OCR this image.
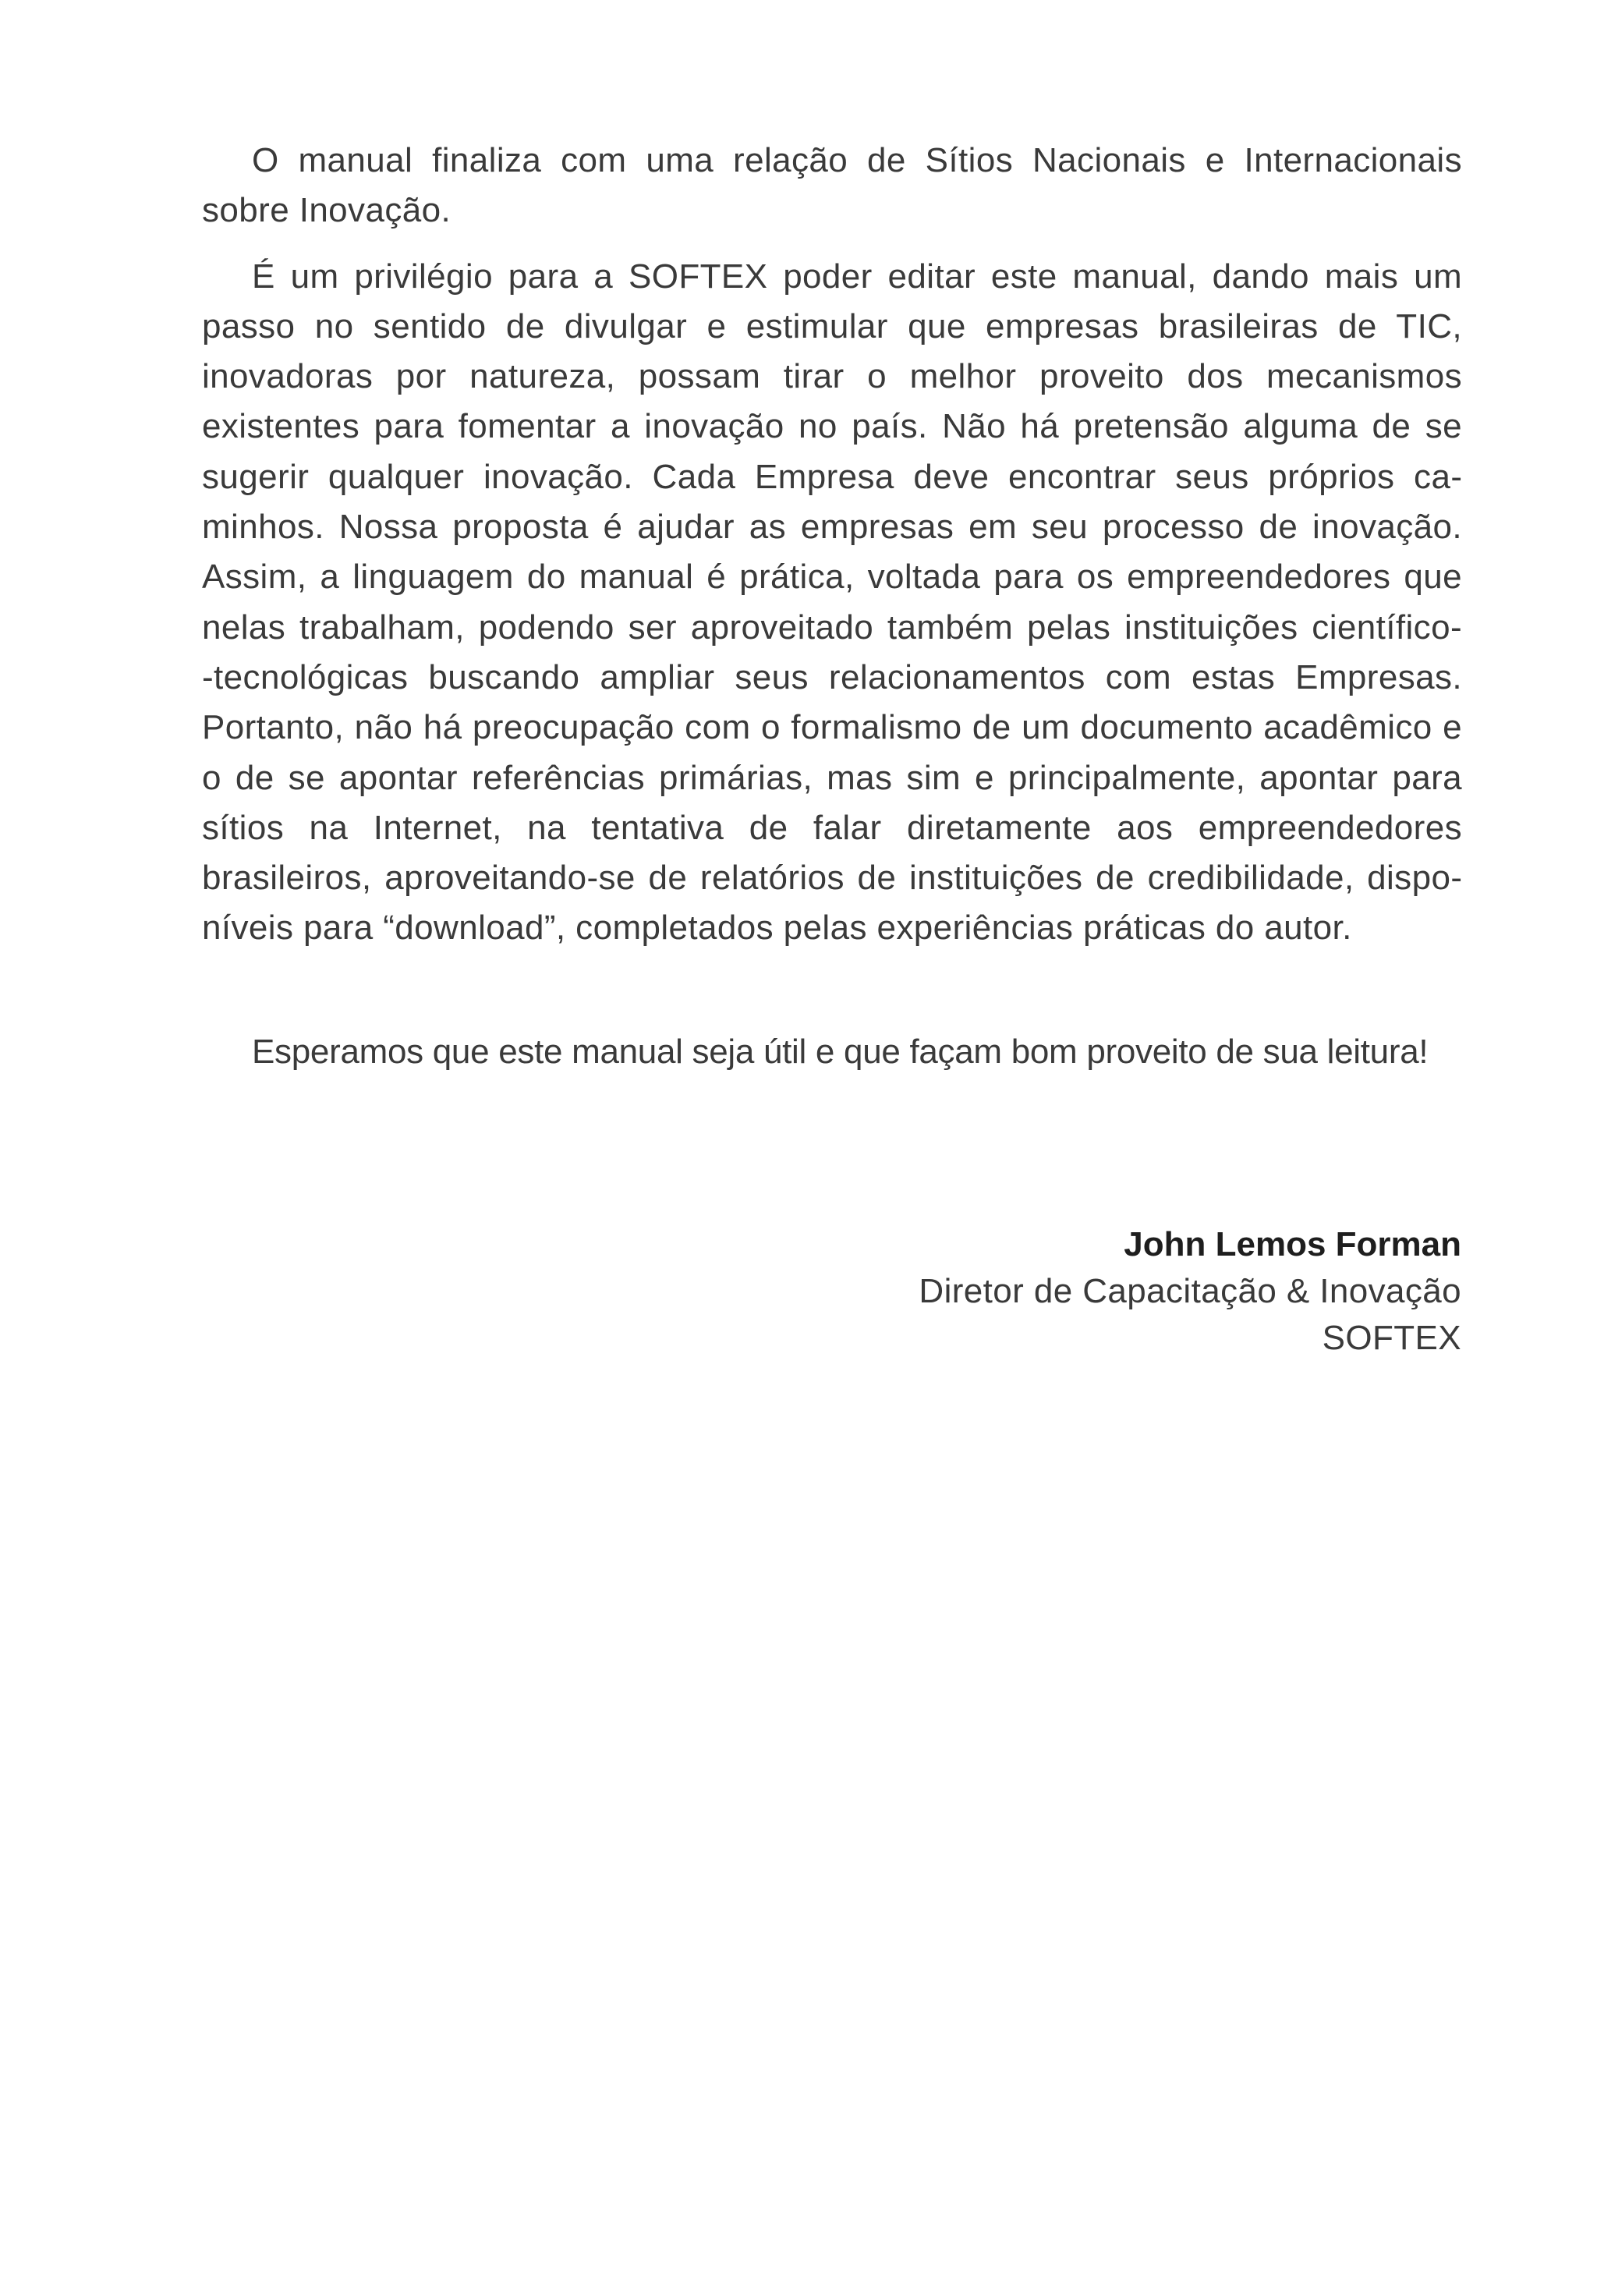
O manual finaliza com uma relação de Sítios Nacionais e Internacionais sobre Inovação.

É um privilégio para a SOFTEX poder editar este manual, dando mais um passo no sentido de divulgar e estimular que empresas brasileiras de TIC, inovadoras por natureza, possam tirar o melhor proveito dos mecanismos existentes para fomentar a inovação no país. Não há pretensão alguma de se sugerir qualquer inovação. Cada Empresa deve encontrar seus próprios caminhos. Nossa proposta é ajudar as empresas em seu processo de inovação. Assim, a linguagem do manual é prática, voltada para os empreendedores que nelas trabalham, podendo ser aproveitado também pelas instituições científico‑ ‑tecnológicas buscando ampliar seus relacionamentos com estas Empresas. Portanto, não há preocupação com o formalismo de um documento acadêmico e o de se apontar referências primárias, mas sim e principalmente, apontar para sítios na Internet, na tentativa de falar diretamente aos empreendedores brasileiros, aproveitando-se de relatórios de instituições de credibilidade, disponíveis para “download”, completados pelas experiências práticas do autor.

Esperamos que este manual seja útil e que façam bom proveito de sua leitura!

John Lemos Forman
Diretor de Capacitação & Inovação
SOFTEX
